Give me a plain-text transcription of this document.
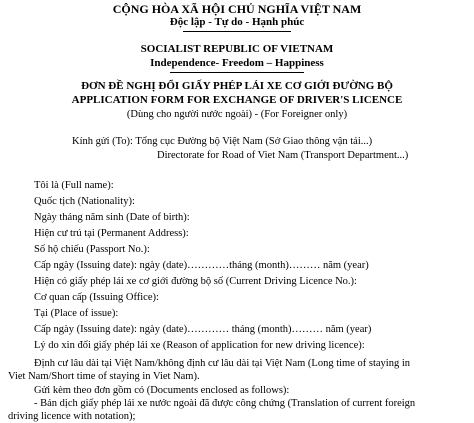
CỘNG HÒA XÃ HỘI CHỦ NGHĨA VIỆT NAM
Độc lập - Tự do - Hạnh phúc
SOCIALIST REPUBLIC OF VIETNAM
Independence- Freedom – Happiness
ĐƠN ĐỀ NGHỊ ĐỔI GIẤY PHÉP LÁI XE CƠ GIỚI ĐƯỜNG BỘ
APPLICATION FORM FOR EXCHANGE OF DRIVER'S LICENCE
(Dùng cho người nước ngoài) - (For Foreigner only)
Kính gửi (To): Tổng cục Đường bộ Việt Nam (Sở Giao thông vận tải...)
Directorate for Road of Viet Nam (Transport Department...)
Tôi là (Full name):
Quốc tịch (Nationality):
Ngày tháng năm sinh (Date of birth):
Hiện cư trú tại (Permanent Address):
Số hộ chiếu (Passport No.):
Cấp ngày (Issuing date): ngày (date)…………tháng (month)……… năm (year)
Hiện có giấy phép lái xe cơ giới đường bộ số (Current Driving Licence No.):
Cơ quan cấp (Issuing Office):
Tại (Place of issue):
Cấp ngày (Issuing date): ngày (date)………… tháng (month)……… năm (year)
Lý do xin đổi giấy phép lái xe (Reason of application for new driving licence):
Định cư lâu dài tại Việt Nam/không định cư lâu dài tại Việt Nam (Long time of staying in
Viet Nam/Short time of staying in Viet Nam).
Gửi kèm theo đơn gồm có (Documents enclosed as follows):
- Bản dịch giấy phép lái xe nước ngoài đã được công chứng (Translation of current foreign
driving licence with notation);
